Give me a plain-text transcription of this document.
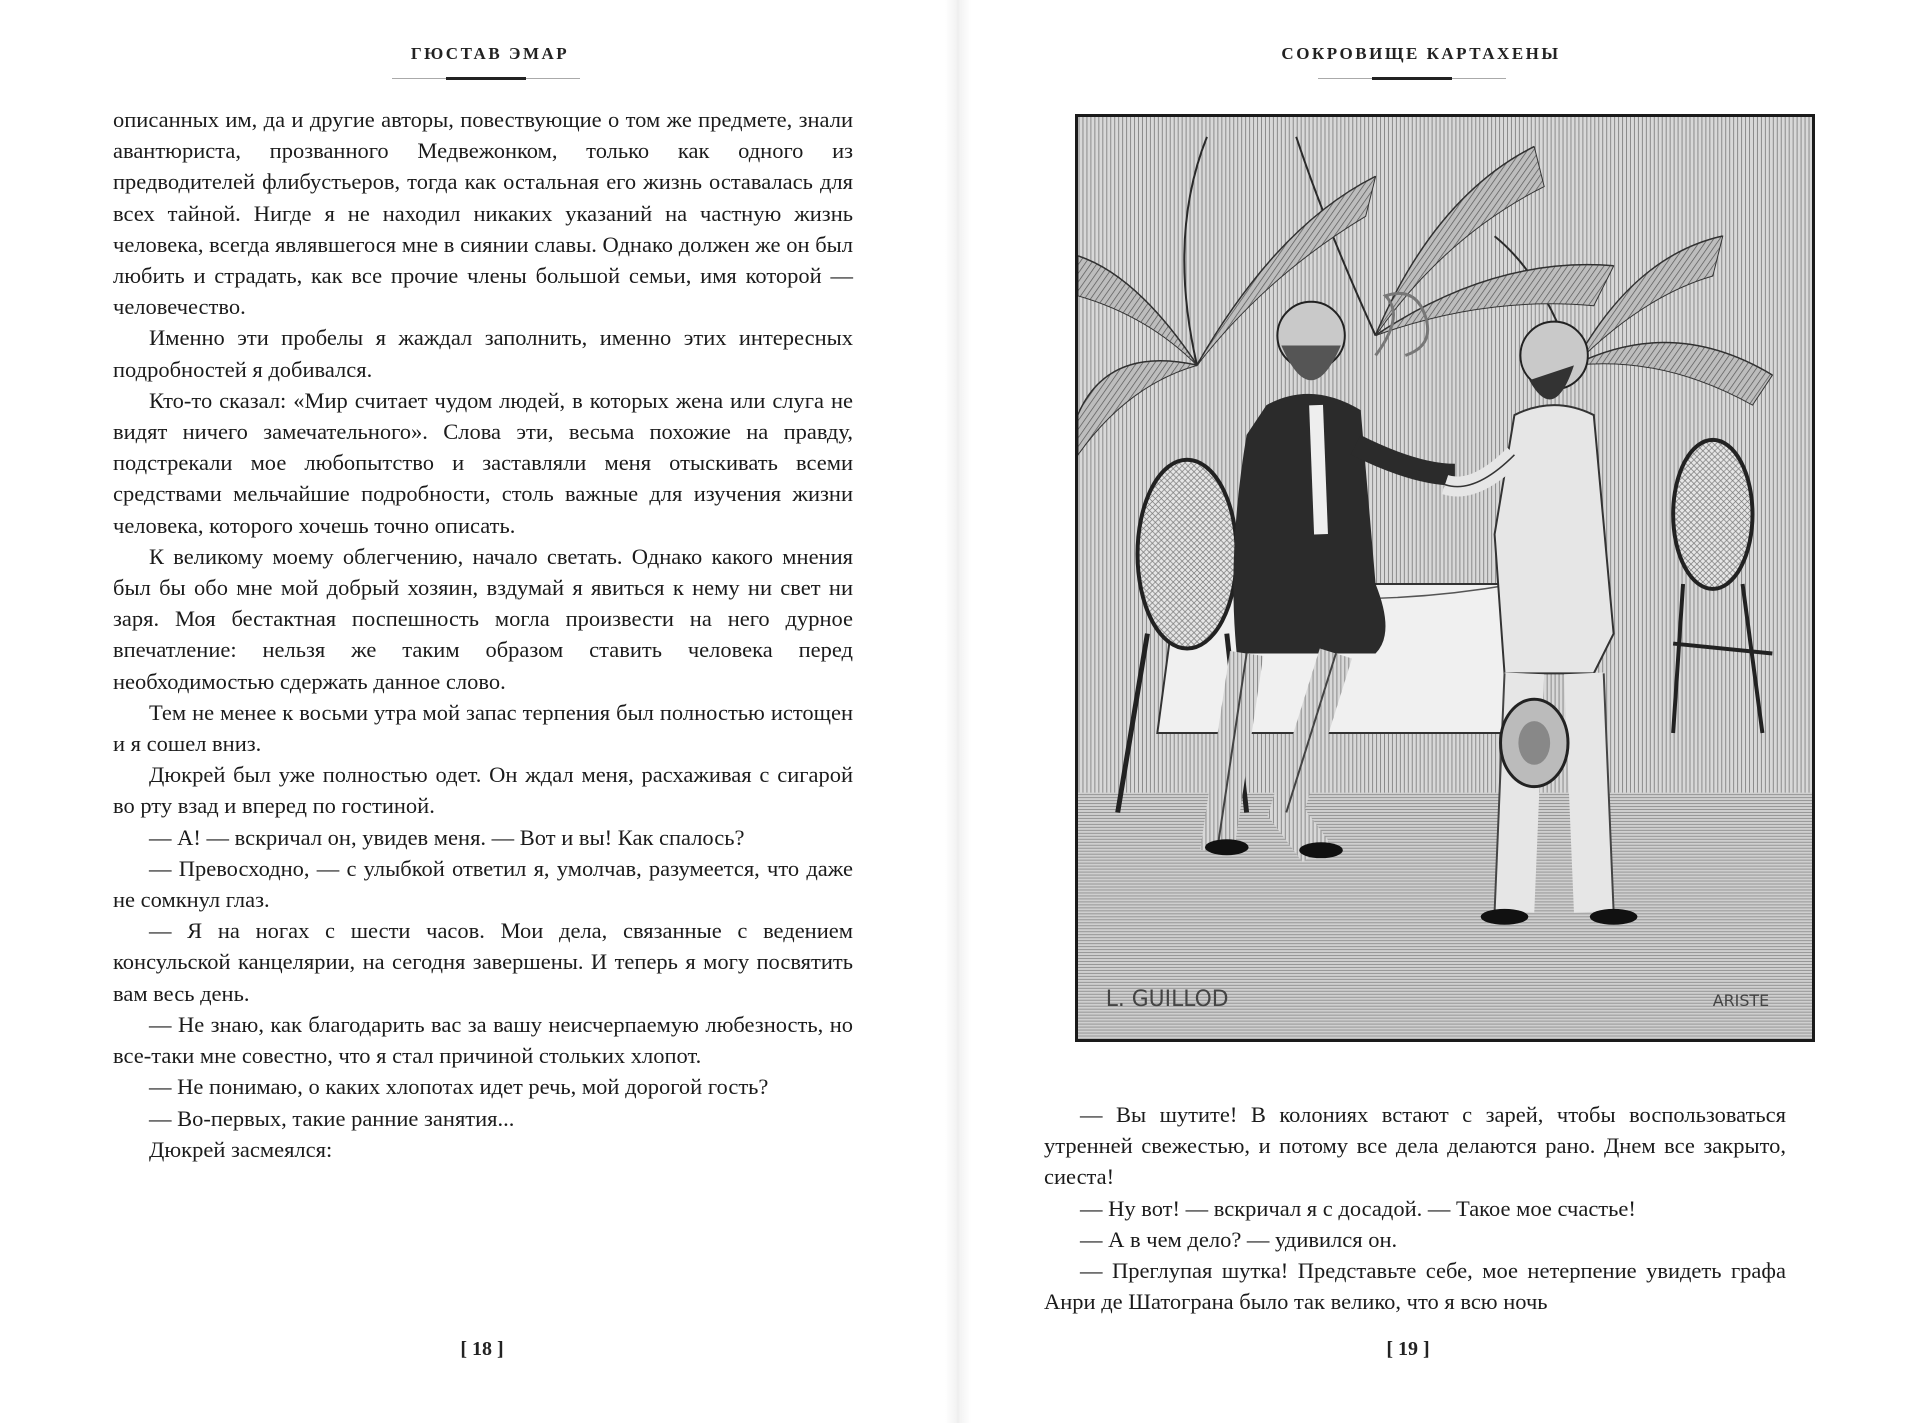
ГЮСТАВ ЭМАР

описанных им, да и другие авторы, повествующие о том же предмете, знали авантюриста, прозванного Медвежонком, только как одного из предводителей флибустьеров, тогда как остальная его жизнь оставалась для всех тайной. Нигде я не находил никаких указаний на частную жизнь человека, всегда являвшегося мне в сиянии славы. Однако должен же он был любить и страдать, как все прочие члены большой семьи, имя которой — человечество.

Именно эти пробелы я жаждал заполнить, именно этих интересных подробностей я добивался.

Кто-то сказал: «Мир считает чудом людей, в которых жена или слуга не видят ничего замечательного». Слова эти, весьма похожие на правду, подстрекали мое любопытство и заставляли меня отыскивать всеми средствами мельчайшие подробности, столь важные для изучения жизни человека, которого хочешь точно описать.

К великому моему облегчению, начало светать. Однако какого мнения был бы обо мне мой добрый хозяин, вздумай я явиться к нему ни свет ни заря. Моя бестактная поспешность могла произвести на него дурное впечатление: нельзя же таким образом ставить человека перед необходимостью сдержать данное слово.

Тем не менее к восьми утра мой запас терпения был полностью истощен и я сошел вниз.

Дюкрей был уже полностью одет. Он ждал меня, расхаживая с сигарой во рту взад и вперед по гостиной.

— А! — вскричал он, увидев меня. — Вот и вы! Как спалось?

— Превосходно, — с улыбкой ответил я, умолчав, разумеется, что даже не сомкнул глаз.

— Я на ногах с шести часов. Мои дела, связанные с ведением консульской канцелярии, на сегодня завершены. И теперь я могу посвятить вам весь день.

— Не знаю, как благодарить вас за вашу неисчерпаемую любезность, но все-таки мне совестно, что я стал причиной стольких хлопот.

— Не понимаю, о каких хлопотах идет речь, мой дорогой гость?

— Во-первых, такие ранние занятия...

Дюкрей засмеялся:

[ 18 ]
СОКРОВИЩЕ КАРТАХЕНЫ
L. GUILLOD	ARISTE

— Вы шутите! В колониях встают с зарей, чтобы воспользоваться утренней свежестью, и потому все дела делаются рано. Днем все закрыто, сиеста!

— Ну вот! — вскричал я с досадой. — Такое мое счастье!

— А в чем дело? — удивился он.

— Преглупая шутка! Представьте себе, мое нетерпение увидеть графа Анри де Шатограна было так велико, что я всю ночь

[ 19 ]
